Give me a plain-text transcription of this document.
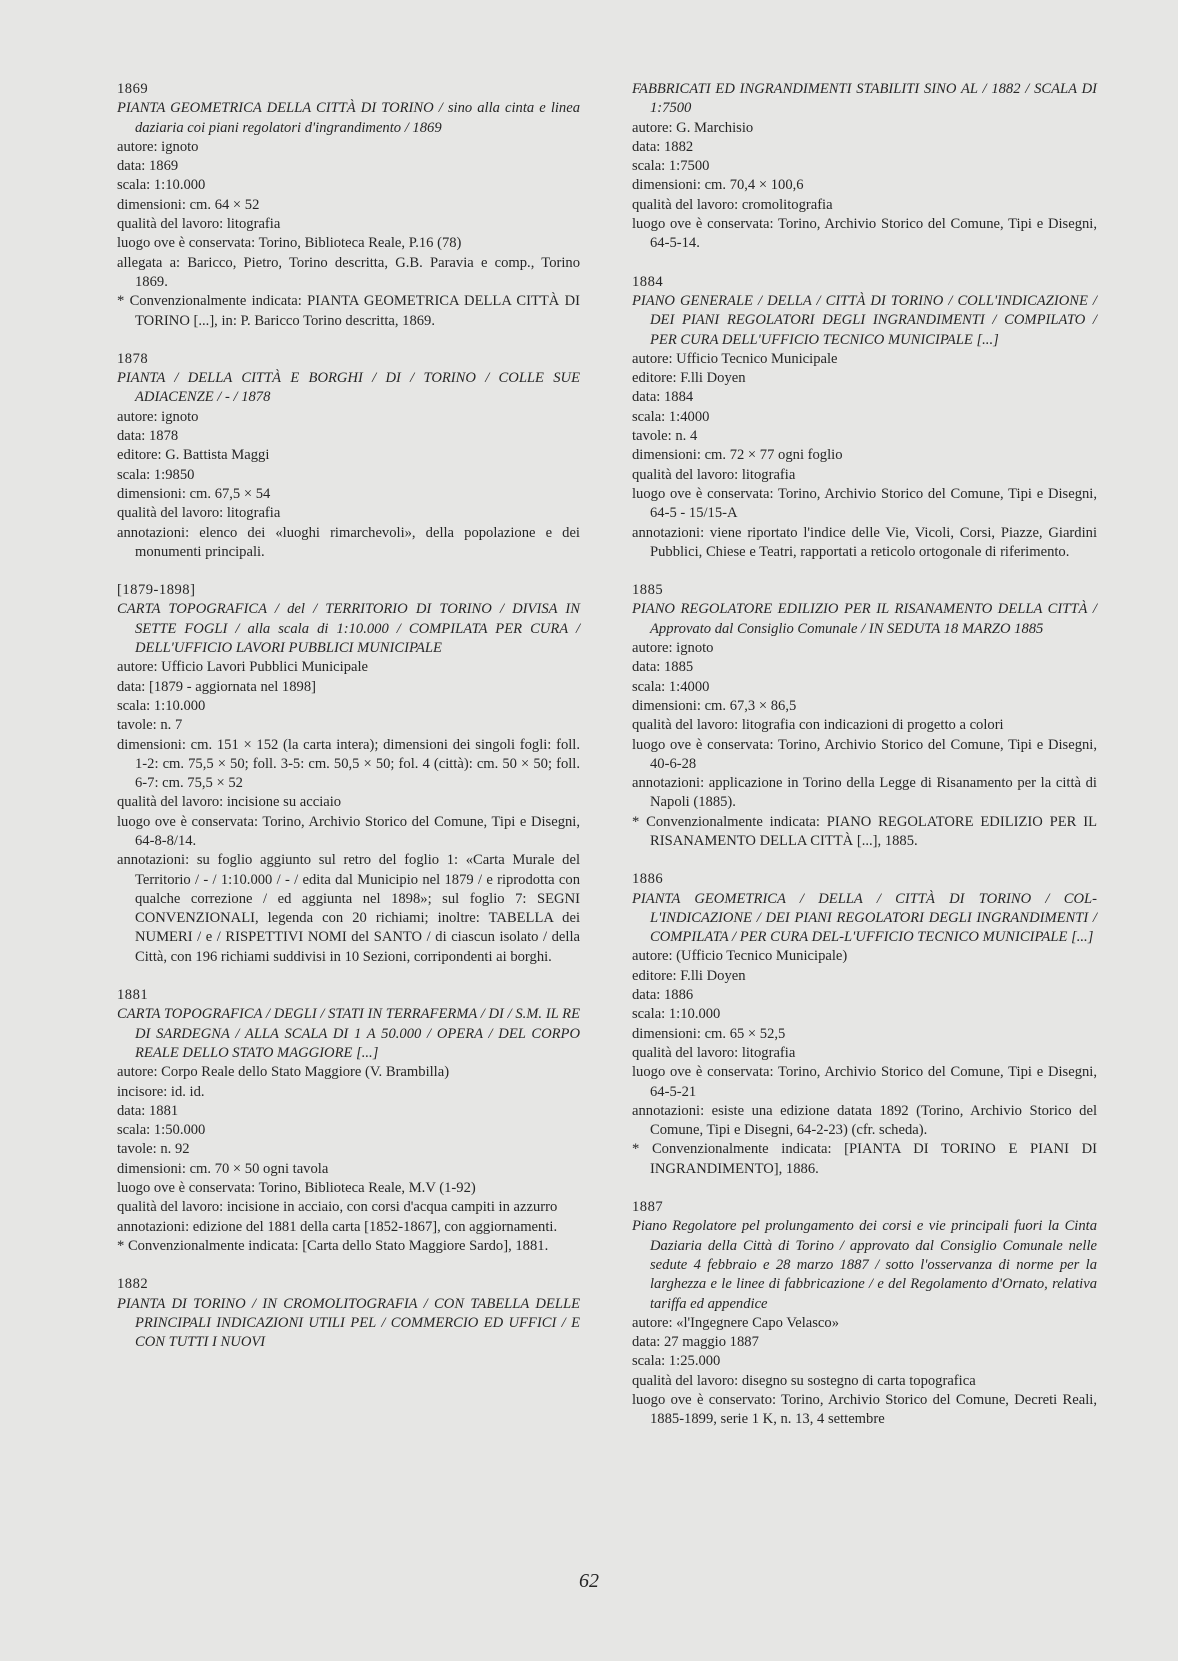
1869
PIANTA GEOMETRICA DELLA CITTÀ DI TORINO / sino alla cinta e linea daziaria coi piani regolatori d'ingrandimento / 1869
autore: ignoto
data: 1869
scala: 1:10.000
dimensioni: cm. 64 × 52
qualità del lavoro: litografia
luogo ove è conservata: Torino, Biblioteca Reale, P.16 (78)
allegata a: Baricco, Pietro, Torino descritta, G.B. Paravia e comp., Torino 1869.
* Convenzionalmente indicata: PIANTA GEOMETRICA DELLA CITTÀ DI TORINO [...], in: P. Baricco Torino descritta, 1869.
1878
PIANTA / DELLA CITTÀ E BORGHI / DI / TORINO / COLLE SUE ADIACENZE / - / 1878
autore: ignoto
data: 1878
editore: G. Battista Maggi
scala: 1:9850
dimensioni: cm. 67,5 × 54
qualità del lavoro: litografia
annotazioni: elenco dei «luoghi rimarchevoli», della popolazione e dei monumenti principali.
[1879-1898]
CARTA TOPOGRAFICA / del / TERRITORIO DI TORINO / DIVISA IN SETTE FOGLI / alla scala di 1:10.000 / COMPILATA PER CURA / DELL'UFFICIO LAVORI PUBBLICI MUNICIPALE
autore: Ufficio Lavori Pubblici Municipale
data: [1879 - aggiornata nel 1898]
scala: 1:10.000
tavole: n. 7
dimensioni: cm. 151 × 152 (la carta intera); dimensioni dei singoli fogli: foll. 1-2: cm. 75,5 × 50; foll. 3-5: cm. 50,5 × 50; fol. 4 (città): cm. 50 × 50; foll. 6-7: cm. 75,5 × 52
qualità del lavoro: incisione su acciaio
luogo ove è conservata: Torino, Archivio Storico del Comune, Tipi e Disegni, 64-8-8/14.
annotazioni: su foglio aggiunto sul retro del foglio 1: «Carta Murale del Territorio / - / 1:10.000 / - / edita dal Municipio nel 1879 / e riprodotta con qualche correzione / ed aggiunta nel 1898»; sul foglio 7: SEGNI CONVENZIONALI, legenda con 20 richiami; inoltre: TABELLA dei NUMERI / e / RISPETTIVI NOMI del SANTO / di ciascun isolato / della Città, con 196 richiami suddivisi in 10 Sezioni, corripondenti ai borghi.
1881
CARTA TOPOGRAFICA / DEGLI / STATI IN TERRAFERMA / DI / S.M. IL RE DI SARDEGNA / ALLA SCALA DI 1 A 50.000 / OPERA / DEL CORPO REALE DELLO STATO MAGGIORE [...]
autore: Corpo Reale dello Stato Maggiore (V. Brambilla)
incisore: id. id.
data: 1881
scala: 1:50.000
tavole: n. 92
dimensioni: cm. 70 × 50 ogni tavola
luogo ove è conservata: Torino, Biblioteca Reale, M.V (1-92)
qualità del lavoro: incisione in acciaio, con corsi d'acqua campiti in azzurro
annotazioni: edizione del 1881 della carta [1852-1867], con aggiornamenti.
* Convenzionalmente indicata: [Carta dello Stato Maggiore Sardo], 1881.
1882
PIANTA DI TORINO / IN CROMOLITOGRAFIA / CON TABELLA DELLE PRINCIPALI INDICAZIONI UTILI PEL / COMMERCIO ED UFFICI / E CON TUTTI I NUOVI
FABBRICATI ED INGRANDIMENTI STABILITI SINO AL / 1882 / SCALA DI 1:7500
autore: G. Marchisio
data: 1882
scala: 1:7500
dimensioni: cm. 70,4 × 100,6
qualità del lavoro: cromolitografia
luogo ove è conservata: Torino, Archivio Storico del Comune, Tipi e Disegni, 64-5-14.
1884
PIANO GENERALE / DELLA / CITTÀ DI TORINO / COLL'INDICAZIONE / DEI PIANI REGOLATORI DEGLI INGRANDIMENTI / COMPILATO / PER CURA DELL'UFFICIO TECNICO MUNICIPALE [...]
autore: Ufficio Tecnico Municipale
editore: F.lli Doyen
data: 1884
scala: 1:4000
tavole: n. 4
dimensioni: cm. 72 × 77 ogni foglio
qualità del lavoro: litografia
luogo ove è conservata: Torino, Archivio Storico del Comune, Tipi e Disegni, 64-5 - 15/15-A
annotazioni: viene riportato l'indice delle Vie, Vicoli, Corsi, Piazze, Giardini Pubblici, Chiese e Teatri, rapportati a reticolo ortogonale di riferimento.
1885
PIANO REGOLATORE EDILIZIO PER IL RISANAMENTO DELLA CITTÀ / Approvato dal Consiglio Comunale / IN SEDUTA 18 MARZO 1885
autore: ignoto
data: 1885
scala: 1:4000
dimensioni: cm. 67,3 × 86,5
qualità del lavoro: litografia con indicazioni di progetto a colori
luogo ove è conservata: Torino, Archivio Storico del Comune, Tipi e Disegni, 40-6-28
annotazioni: applicazione in Torino della Legge di Risanamento per la città di Napoli (1885).
* Convenzionalmente indicata: PIANO REGOLATORE EDILIZIO PER IL RISANAMENTO DELLA CITTÀ [...], 1885.
1886
PIANTA GEOMETRICA / DELLA / CITTÀ DI TORINO / COL-L'INDICAZIONE / DEI PIANI REGOLATORI DEGLI INGRANDIMENTI / COMPILATA / PER CURA DEL-L'UFFICIO TECNICO MUNICIPALE [...]
autore: (Ufficio Tecnico Municipale)
editore: F.lli Doyen
data: 1886
scala: 1:10.000
dimensioni: cm. 65 × 52,5
qualità del lavoro: litografia
luogo ove è conservata: Torino, Archivio Storico del Comune, Tipi e Disegni, 64-5-21
annotazioni: esiste una edizione datata 1892 (Torino, Archivio Storico del Comune, Tipi e Disegni, 64-2-23) (cfr. scheda).
* Convenzionalmente indicata: [PIANTA DI TORINO E PIANI DI INGRANDIMENTO], 1886.
1887
Piano Regolatore pel prolungamento dei corsi e vie principali fuori la Cinta Daziaria della Città di Torino / approvato dal Consiglio Comunale nelle sedute 4 febbraio e 28 marzo 1887 / sotto l'osservanza di norme per la larghezza e le linee di fabbricazione / e del Regolamento d'Ornato, relativa tariffa ed appendice
autore: «l'Ingegnere Capo Velasco»
data: 27 maggio 1887
scala: 1:25.000
qualità del lavoro: disegno su sostegno di carta topografica
luogo ove è conservato: Torino, Archivio Storico del Comune, Decreti Reali, 1885-1899, serie 1 K, n. 13, 4 settembre
62
